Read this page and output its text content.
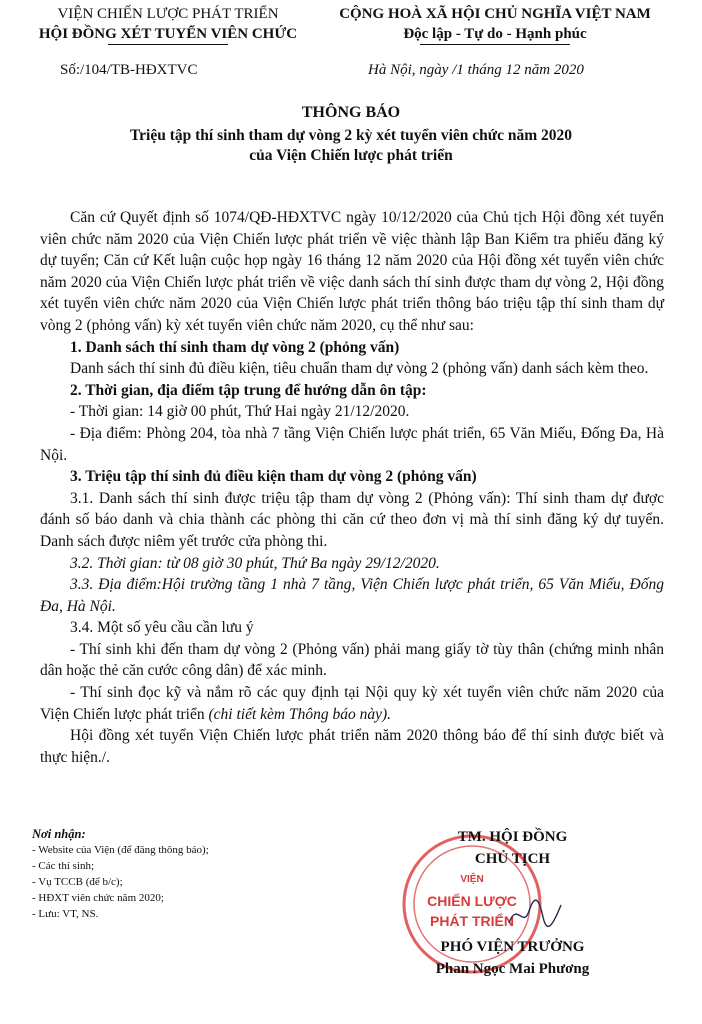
VIỆN CHIẾN LƯỢC PHÁT TRIỂN
HỘI ĐỒNG XÉT TUYỂN VIÊN CHỨC
CỘNG HOÀ XÃ HỘI CHỦ NGHĨA VIỆT NAM
Độc lập - Tự do - Hạnh phúc
Số:/104/TB-HĐXTVC	Hà Nội, ngày /1 tháng 12 năm 2020
THÔNG BÁO
Triệu tập thí sinh tham dự vòng 2 kỳ xét tuyển viên chức năm 2020
của Viện Chiến lược phát triển

Căn cứ Quyết định số 1074/QĐ-HĐXTVC ngày 10/12/2020 của Chủ tịch Hội đồng xét tuyển viên chức năm 2020 của Viện Chiến lược phát triển về việc thành lập Ban Kiểm tra phiếu đăng ký dự tuyển; Căn cứ Kết luận cuộc họp ngày 16 tháng 12 năm 2020 của Hội đồng xét tuyển viên chức năm 2020 của Viện Chiến lược phát triển về việc danh sách thí sinh được tham dự vòng 2, Hội đồng xét tuyển viên chức năm 2020 của Viện Chiến lược phát triển thông báo triệu tập thí sinh tham dự vòng 2 (phỏng vấn) kỳ xét tuyển viên chức năm 2020, cụ thể như sau:

1. Danh sách thí sinh tham dự vòng 2 (phỏng vấn)

Danh sách thí sinh đủ điều kiện, tiêu chuẩn tham dự vòng 2 (phỏng vấn) danh sách kèm theo.

2. Thời gian, địa điểm tập trung để hướng dẫn ôn tập:

- Thời gian: 14 giờ 00 phút, Thứ Hai ngày 21/12/2020.

- Địa điểm: Phòng 204, tòa nhà 7 tầng Viện Chiến lược phát triển, 65 Văn Miếu, Đống Đa, Hà Nội.

3. Triệu tập thí sinh đủ điều kiện tham dự vòng 2 (phỏng vấn)

3.1. Danh sách thí sinh được triệu tập tham dự vòng 2 (Phỏng vấn): Thí sinh tham dự được đánh số báo danh và chia thành các phòng thi căn cứ theo đơn vị mà thí sinh đăng ký dự tuyển. Danh sách được niêm yết trước cửa phòng thi.

3.2. Thời gian: từ 08 giờ 30 phút, Thứ Ba ngày 29/12/2020.

3.3. Địa điểm:Hội trường tầng 1 nhà 7 tầng, Viện Chiến lược phát triển, 65 Văn Miếu, Đống Đa, Hà Nội.

3.4. Một số yêu cầu cần lưu ý

- Thí sinh khi đến tham dự vòng 2 (Phỏng vấn) phải mang giấy tờ tùy thân (chứng minh nhân dân hoặc thẻ căn cước công dân) để xác minh.

- Thí sinh đọc kỹ và nắm rõ các quy định tại Nội quy kỳ xét tuyển viên chức năm 2020 của Viện Chiến lược phát triển (chi tiết kèm Thông báo này).

Hội đồng xét tuyển Viện Chiến lược phát triển năm 2020 thông báo để thí sinh được biết và thực hiện./.

Nơi nhận:
- Website của Viện (để đăng thông báo);
- Các thí sinh;
- Vụ TCCB (để b/c);
- HĐXT viên chức năm 2020;
- Lưu: VT, NS.
VIỆN
CHIẾN LƯỢC
PHÁT TRIỂN
TM. HỘI ĐỒNG
CHỦ TỊCH
PHÓ VIỆN TRƯỞNG
Phan Ngọc Mai Phương
